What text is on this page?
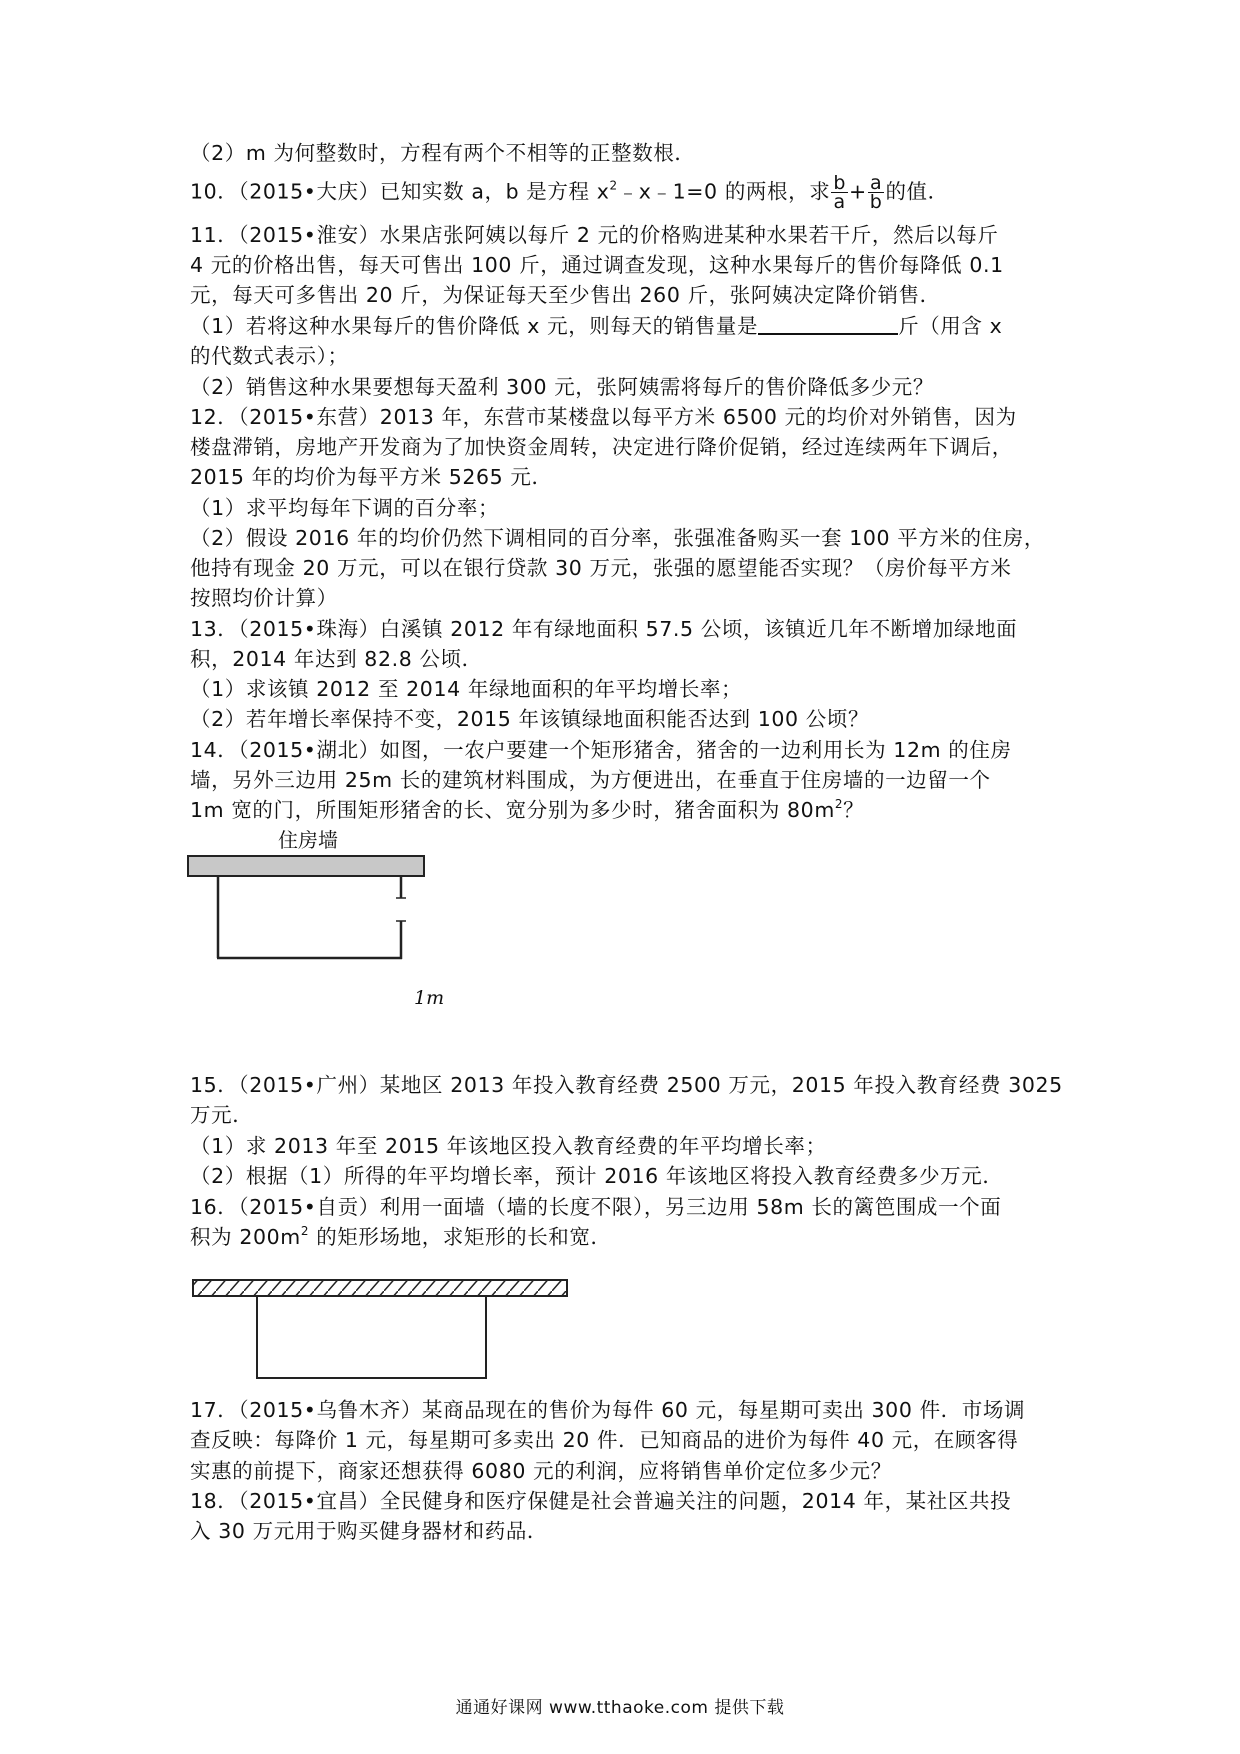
（2）m 为何整数时，方程有两个不相等的正整数根．
10．（2015•大庆）已知实数 a，b 是方程 $x^2﹣x﹣1=0$ 的两根，求 $\frac{b}{a} + \frac{a}{b}$ 的值．
11．（2015•淮安）水果店张阿姨以每斤 2 元的价格购进某种水果若干斤，然后以每斤
4 元的价格出售，每天可售出 100 斤，通过调查发现，这种水果每斤的售价每降低 0.1
元，每天可多售出 20 斤，为保证每天至少售出 260 斤，张阿姨决定降价销售．
（1）若将这种水果每斤的售价降低 x 元，则每天的销售量是	斤（用含 x
的代数式表示）；
（2）销售这种水果要想每天盈利 300 元，张阿姨需将每斤的售价降低多少元？
12．（2015•东营）2013 年，东营市某楼盘以每平方米 6500 元的均价对外销售，因为
楼盘滞销，房地产开发商为了加快资金周转，决定进行降价促销，经过连续两年下调后，
2015 年的均价为每平方米 5265 元．
（1）求平均每年下调的百分率；
（2）假设 2016 年的均价仍然下调相同的百分率，张强准备购买一套 100 平方米的住房，
他持有现金 20 万元，可以在银行贷款 30 万元，张强的愿望能否实现？（房价每平方米
按照均价计算）
13．（2015•珠海）白溪镇 2012 年有绿地面积 57.5 公顷，该镇近几年不断增加绿地面
积，2014 年达到 82.8 公顷．
（1）求该镇 2012 至 2014 年绿地面积的年平均增长率；
（2）若年增长率保持不变，2015 年该镇绿地面积能否达到 100 公顷？
14．（2015•湖北）如图，一农户要建一个矩形猪舍，猪舍的一边利用长为 12m 的住房
墙，另外三边用 25m 长的建筑材料围成，为方便进出，在垂直于住房墙的一边留一个
1m 宽的门，所围矩形猪舍的长、宽分别为多少时，猪舍面积为 $80m^2$？
住房墙
1m
15．（2015•广州）某地区 2013 年投入教育经费 2500 万元，2015 年投入教育经费 3025
万元．
（1）求 2013 年至 2015 年该地区投入教育经费的年平均增长率；
（2）根据（1）所得的年平均增长率，预计 2016 年该地区将投入教育经费多少万元．
16．（2015•自贡）利用一面墙（墙的长度不限），另三边用 58m 长的篱笆围成一个面
积为 $200m^2$ 的矩形场地，求矩形的长和宽．
17．（2015•乌鲁木齐）某商品现在的售价为每件 60 元，每星期可卖出 300 件．市场调
查反映：每降价 1 元，每星期可多卖出 20 件．已知商品的进价为每件 40 元，在顾客得
实惠的前提下，商家还想获得 6080 元的利润，应将销售单价定位多少元？
18．（2015•宜昌）全民健身和医疗保健是社会普遍关注的问题，2014 年，某社区共投
入 30 万元用于购买健身器材和药品．
通通好课网 www.tthaoke.com 提供下载
